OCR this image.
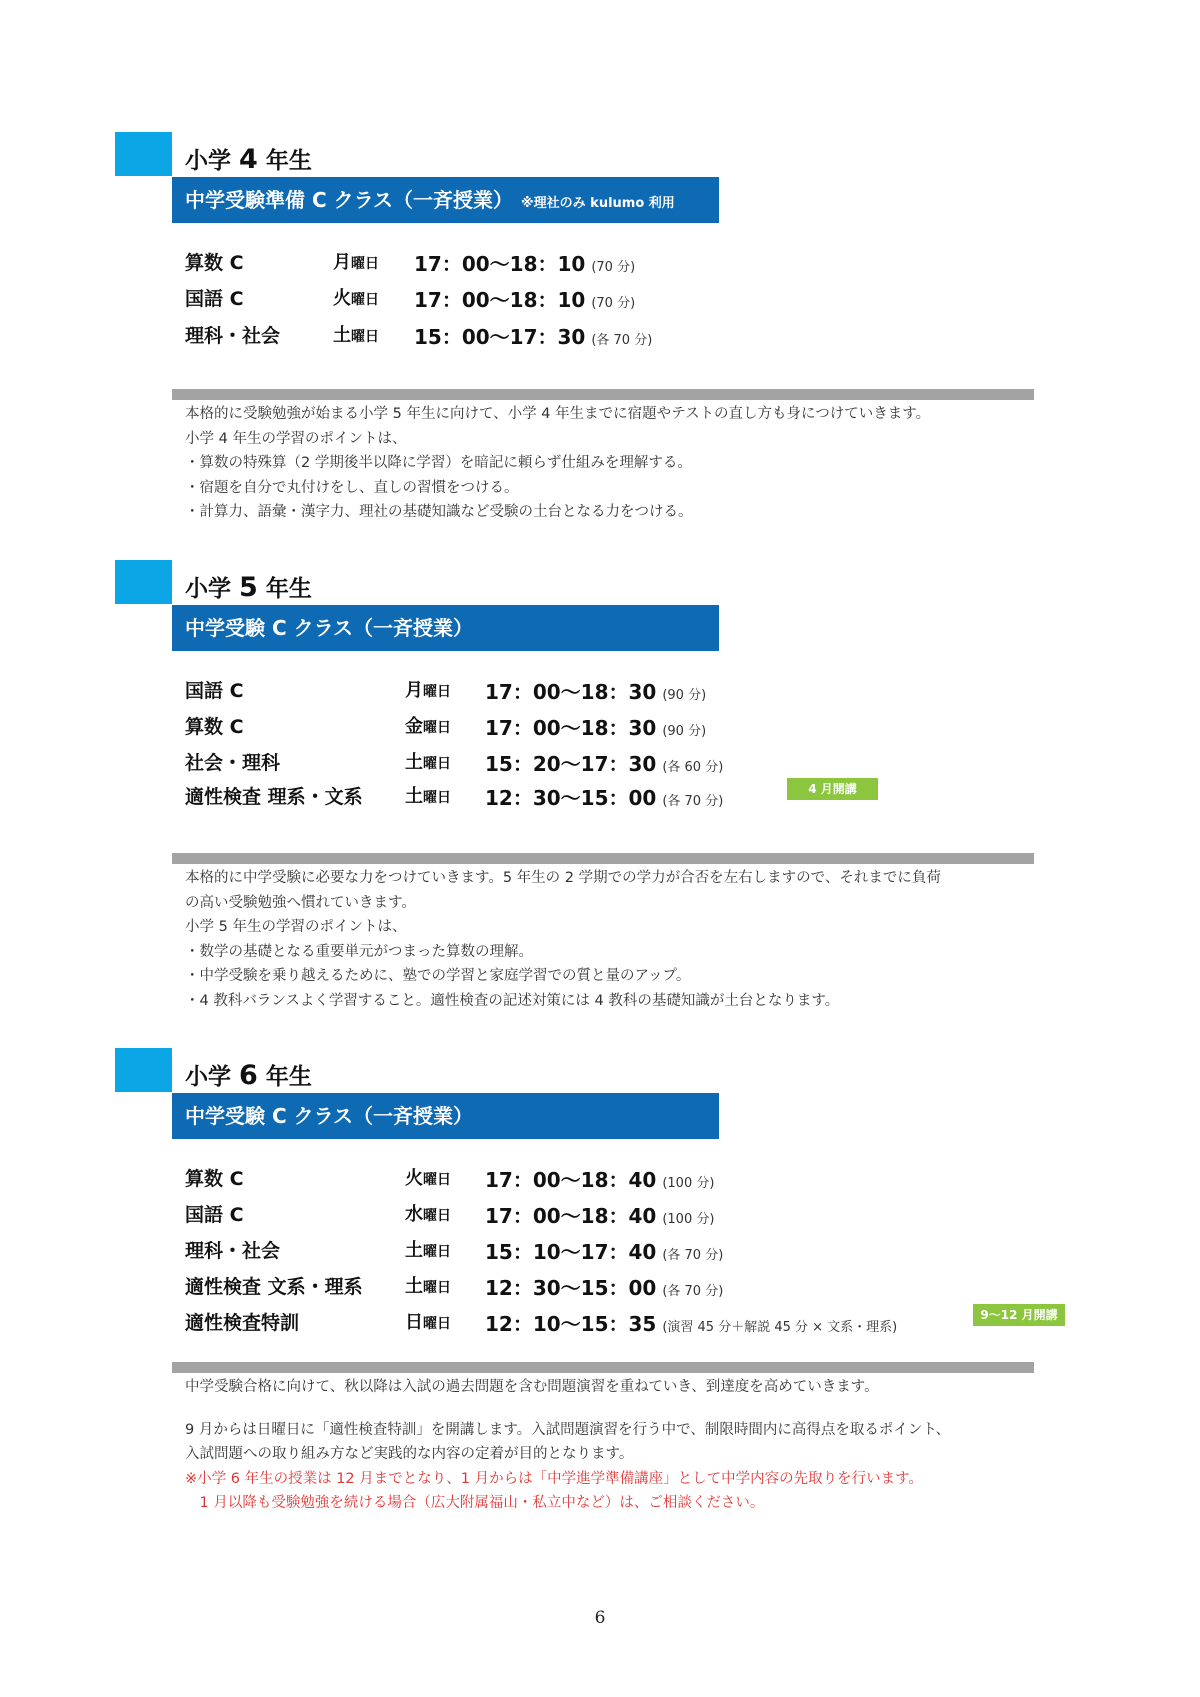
小学 4 年生
中学受験準備 C クラス（一斉授業） ※理社のみ kulumo 利用
算数 C	月曜日 17：00〜18：10 (70 分)
国語 C	火曜日 17：00〜18：10 (70 分)
理科・社会	土曜日 15：00〜17：30 (各 70 分)

本格的に受験勉強が始まる小学 5 年生に向けて、小学 4 年生までに宿題やテストの直し方も身につけていきます。

小学 4 年生の学習のポイントは、

・算数の特殊算（2 学期後半以降に学習）を暗記に頼らず仕組みを理解する。

・宿題を自分で丸付けをし、直しの習慣をつける。

・計算力、語彙・漢字力、理社の基礎知識など受験の土台となる力をつける。

小学 5 年生
中学受験 C クラス（一斉授業）
国語 C	月曜日 17：00〜18：30 (90 分)
算数 C	金曜日 17：00〜18：30 (90 分)
社会・理科	土曜日 15：20〜17：30 (各 60 分)
適性検査 理系・文系 土曜日 12：30〜15：00 (各 70 分)
4 月開講

本格的に中学受験に必要な力をつけていきます。5 年生の 2 学期での学力が合否を左右しますので、それまでに負荷

の高い受験勉強へ慣れていきます。

小学 5 年生の学習のポイントは、

・数学の基礎となる重要単元がつまった算数の理解。

・中学受験を乗り越えるために、塾での学習と家庭学習での質と量のアップ。

・4 教科バランスよく学習すること。適性検査の記述対策には 4 教科の基礎知識が土台となります。

小学 6 年生
中学受験 C クラス（一斉授業）
算数 C	火曜日 17：00〜18：40 (100 分)
国語 C	水曜日 17：00〜18：40 (100 分)
理科・社会	土曜日 15：10〜17：40 (各 70 分)
適性検査 文系・理系 土曜日 12：30〜15：00 (各 70 分)
適性検査特訓	日曜日 12：10〜15：35 (演習 45 分＋解説 45 分 × 文系・理系)
9〜12 月開講

中学受験合格に向けて、秋以降は入試の過去問題を含む問題演習を重ねていき、到達度を高めていきます。

9 月からは日曜日に「適性検査特訓」を開講します。入試問題演習を行う中で、制限時間内に高得点を取るポイント、

入試問題への取り組み方など実践的な内容の定着が目的となります。

※小学 6 年生の授業は 12 月までとなり、1 月からは「中学進学準備講座」として中学内容の先取りを行います。

　1 月以降も受験勉強を続ける場合（広大附属福山・私立中など）は、ご相談ください。

6
